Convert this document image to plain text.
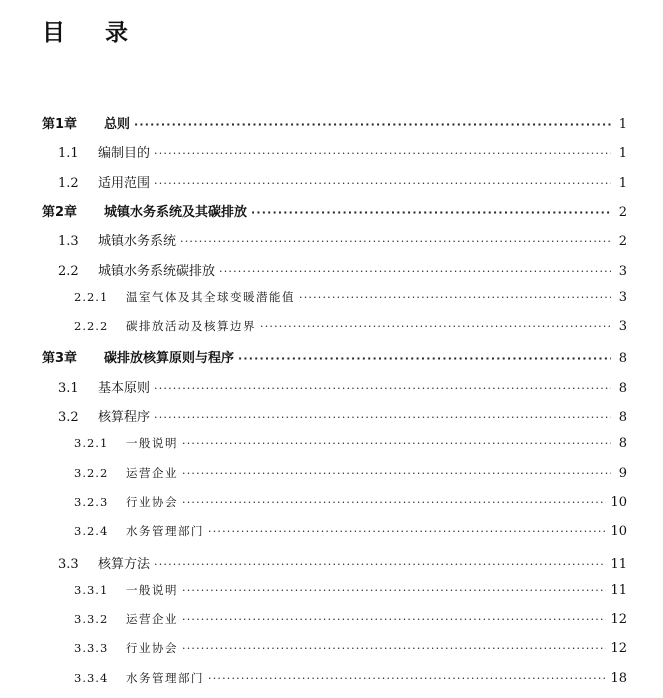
目 录
第1章	总则 ·····	1
1.1	编制目的 ·····	1
1.2	适用范围 ·····	1
第2章	城镇水务系统及其碳排放 ·····	2
1.3	城镇水务系统 ·····	2
2.2	城镇水务系统碳排放 ·····	3
2.2.1	温室气体及其全球变暖潜能值 ·····	3
2.2.2	碳排放活动及核算边界 ·····	3
第3章	碳排放核算原则与程序 ·····	8
3.1	基本原则 ·····	8
3.2	核算程序 ·····	8
3.2.1	一般说明 ·····	8
3.2.2	运营企业 ·····	9
3.2.3	行业协会 ·····	10
3.2.4	水务管理部门 ·····	10
3.3	核算方法 ·····	11
3.3.1	一般说明 ·····	11
3.3.2	运营企业 ·····	12
3.3.3	行业协会 ·····	12
3.3.4	水务管理部门 ·····	18
